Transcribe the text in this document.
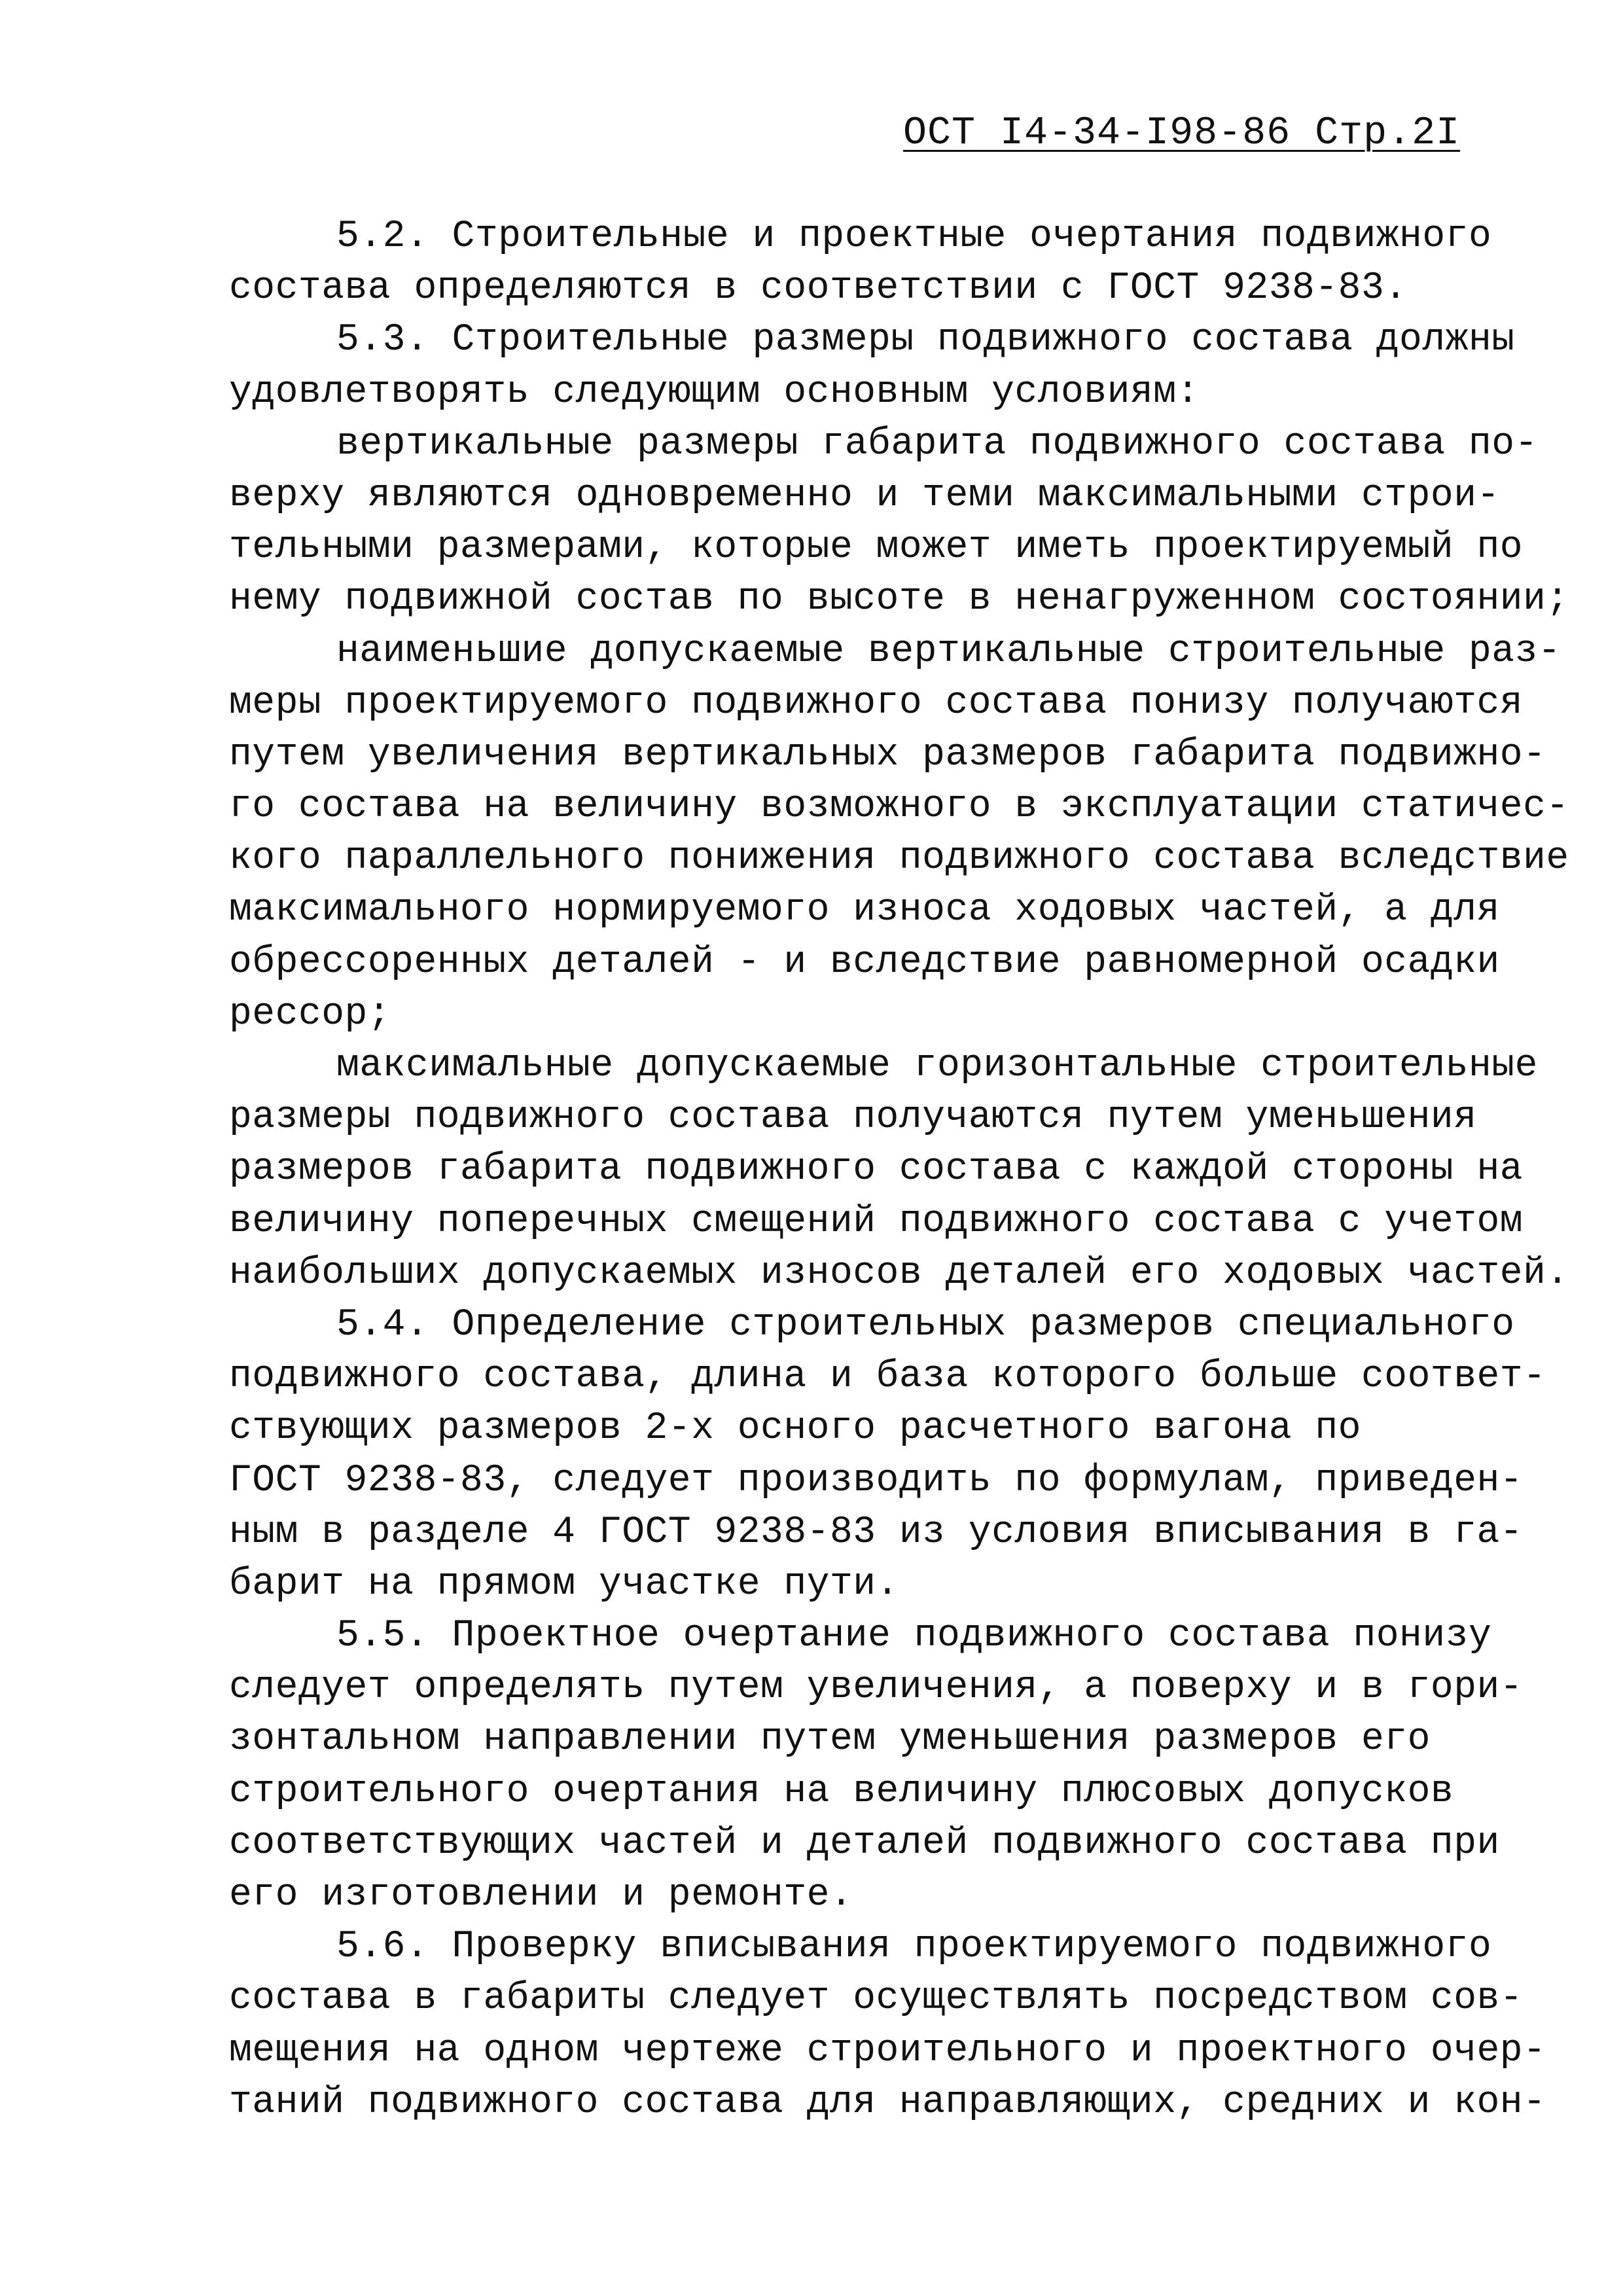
ОСТ I4-34-I98-86 Стр.2I
5.2. Строительные и проектные очертания подвижного
состава определяются в соответствии с ГОСТ 9238-83.
5.3. Строительные размеры подвижного состава должны
удовлетворять следующим основным условиям:
вертикальные размеры габарита подвижного состава по-
верху являются одновременно и теми максимальными строи-
тельными размерами, которые может иметь проектируемый по
нему подвижной состав по высоте в ненагруженном состоянии;
наименьшие допускаемые вертикальные строительные раз-
меры проектируемого подвижного состава понизу получаются
путем увеличения вертикальных размеров габарита подвижно-
го состава на величину возможного в эксплуатации статичес-
кого параллельного понижения подвижного состава вследствие
максимального нормируемого износа ходовых частей, а для
обрессоренных деталей - и вследствие равномерной осадки
рессор;
максимальные допускаемые горизонтальные строительные
размеры подвижного состава получаются путем уменьшения
размеров габарита подвижного состава с каждой стороны на
величину поперечных смещений подвижного состава с учетом
наибольших допускаемых износов деталей его ходовых частей.
5.4. Определение строительных размеров специального
подвижного состава, длина и база которого больше соответ-
ствующих размеров 2-х осного расчетного вагона по
ГОСТ 9238-83, следует производить по формулам, приведен-
ным в разделе 4 ГОСТ 9238-83 из условия вписывания в га-
барит на прямом участке пути.
5.5. Проектное очертание подвижного состава понизу
следует определять путем увеличения, а поверху и в гори-
зонтальном направлении путем уменьшения размеров его
строительного очертания на величину плюсовых допусков
соответствующих частей и деталей подвижного состава при
его изготовлении и ремонте.
5.6. Проверку вписывания проектируемого подвижного
состава в габариты следует осуществлять посредством сов-
мещения на одном чертеже строительного и проектного очер-
таний подвижного состава для направляющих, средних и кон-
